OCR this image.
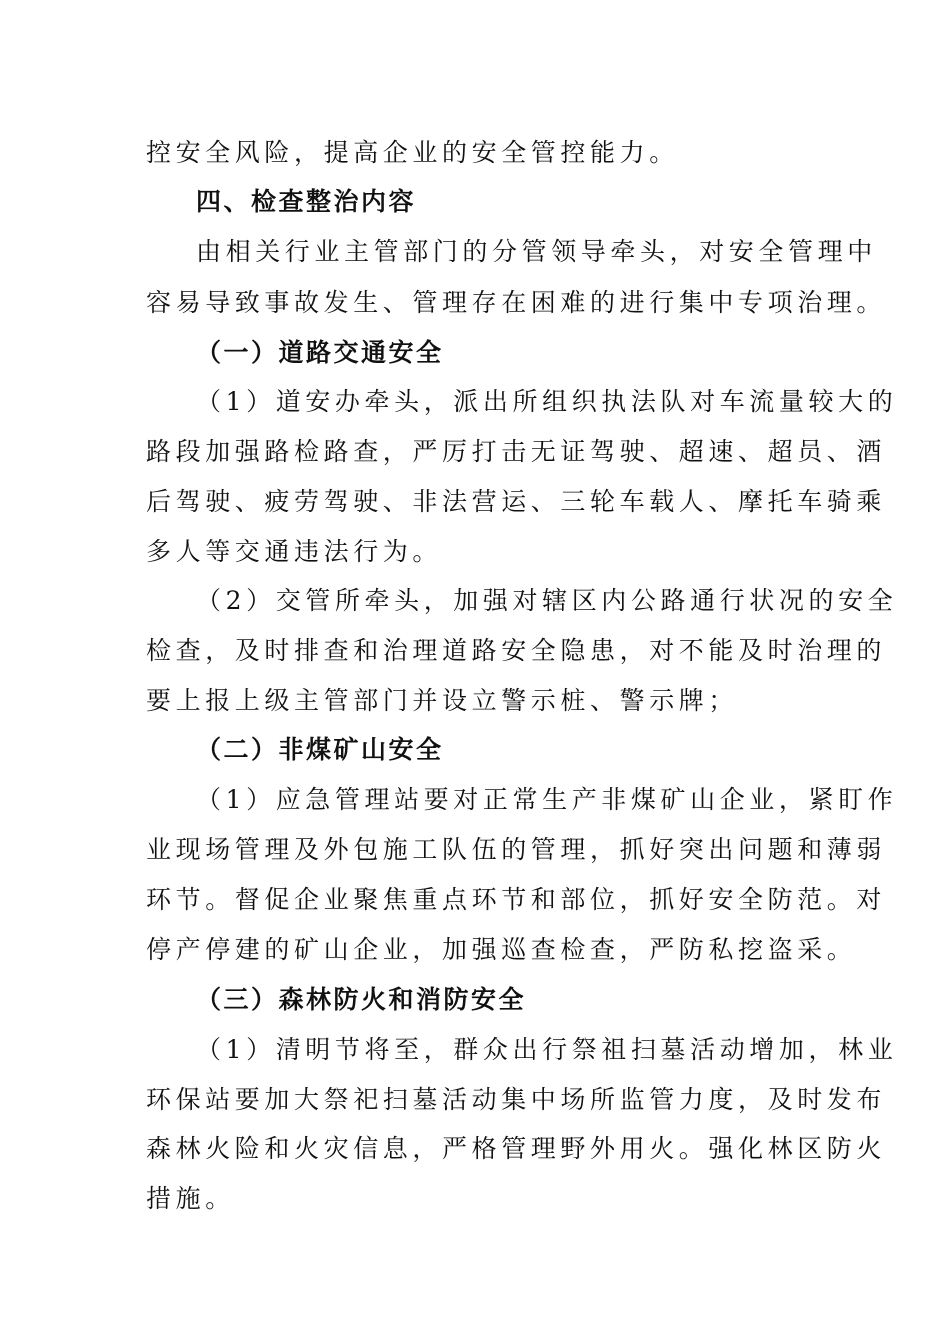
控安全风险，提高企业的安全管控能力。
四、检查整治内容
由相关行业主管部门的分管领导牵头，对安全管理中
容易导致事故发生、管理存在困难的进行集中专项治理。
（一）道路交通安全
（1）道安办牵头，派出所组织执法队对车流量较大的
路段加强路检路查，严厉打击无证驾驶、超速、超员、酒
后驾驶、疲劳驾驶、非法营运、三轮车载人、摩托车骑乘
多人等交通违法行为。
（2）交管所牵头，加强对辖区内公路通行状况的安全
检查，及时排查和治理道路安全隐患，对不能及时治理的
要上报上级主管部门并设立警示桩、警示牌；
（二）非煤矿山安全
（1）应急管理站要对正常生产非煤矿山企业，紧盯作
业现场管理及外包施工队伍的管理，抓好突出问题和薄弱
环节。督促企业聚焦重点环节和部位，抓好安全防范。对
停产停建的矿山企业，加强巡查检查，严防私挖盗采。
（三）森林防火和消防安全
（1）清明节将至，群众出行祭祖扫墓活动增加，林业
环保站要加大祭祀扫墓活动集中场所监管力度，及时发布
森林火险和火灾信息，严格管理野外用火。强化林区防火
措施。
